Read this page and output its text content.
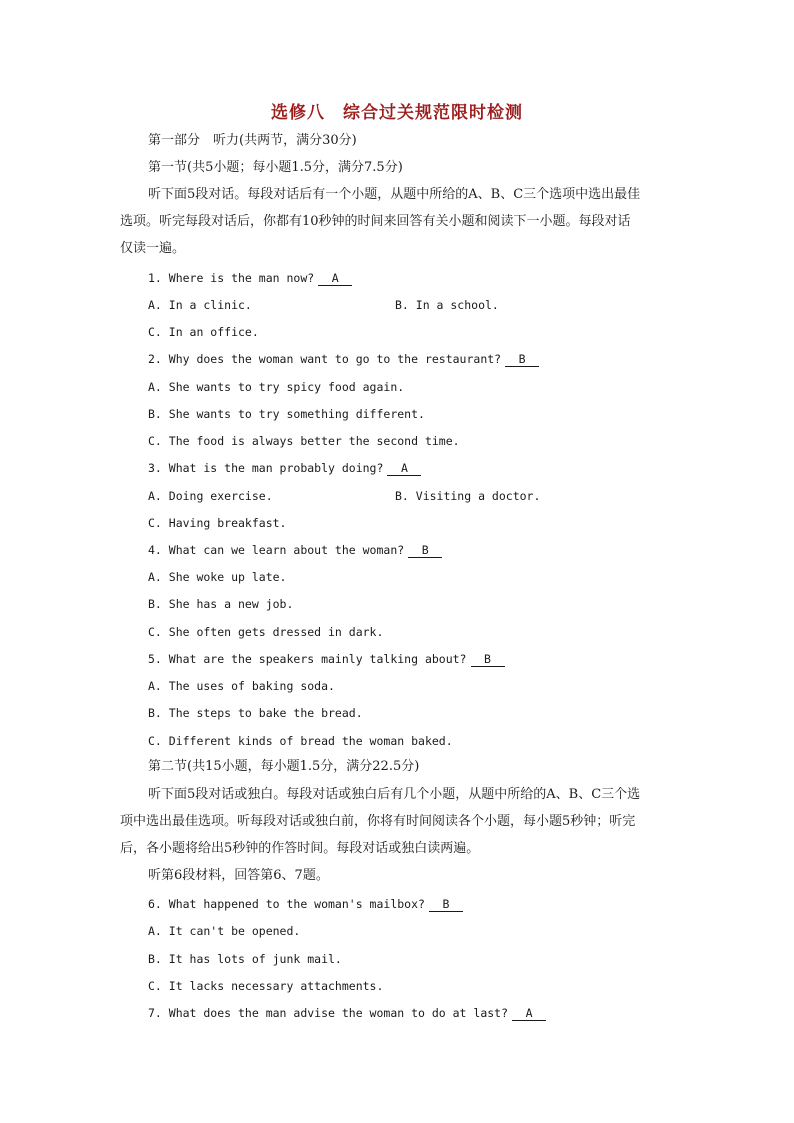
选修八　综合过关规范限时检测
第一部分　听力(共两节，满分30分)
第一节(共5小题；每小题1.5分，满分7.5分)
听下面5段对话。每段对话后有一个小题，从题中所给的A、B、C三个选项中选出最佳
选项。听完每段对话后，你都有10秒钟的时间来回答有关小题和阅读下一小题。每段对话
仅读一遍。
1. Where is the man now? A
A. In a clinic.	B. In a school.
C. In an office.
2. Why does the woman want to go to the restaurant? B
A. She wants to try spicy food again.
B. She wants to try something different.
C. The food is always better the second time.
3. What is the man probably doing? A
A. Doing exercise.	B. Visiting a doctor.
C. Having breakfast.
4. What can we learn about the woman? B
A. She woke up late.
B. She has a new job.
C. She often gets dressed in dark.
5. What are the speakers mainly talking about? B
A. The uses of baking soda.
B. The steps to bake the bread.
C. Different kinds of bread the woman baked.
第二节(共15小题，每小题1.5分，满分22.5分)
听下面5段对话或独白。每段对话或独白后有几个小题，从题中所给的A、B、C三个选
项中选出最佳选项。听每段对话或独白前，你将有时间阅读各个小题，每小题5秒钟；听完
后，各小题将给出5秒钟的作答时间。每段对话或独白读两遍。
听第6段材料，回答第6、7题。
6. What happened to the woman's mailbox? B
A. It can't be opened.
B. It has lots of junk mail.
C. It lacks necessary attachments.
7. What does the man advise the woman to do at last? A
